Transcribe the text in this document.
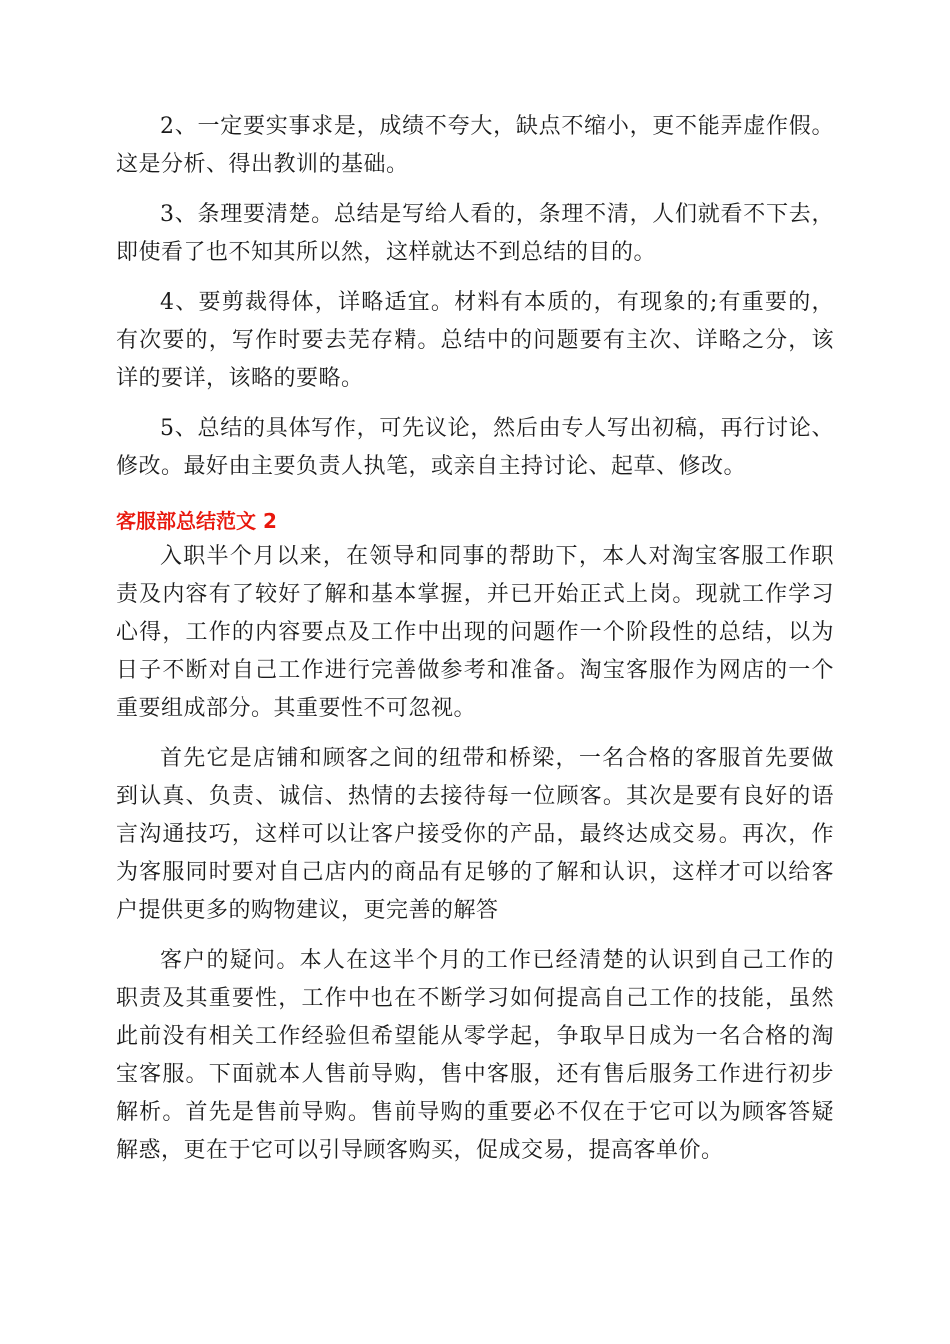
2、一定要实事求是，成绩不夸大，缺点不缩小，更不能弄虚作假。这是分析、得出教训的基础。

3、条理要清楚。总结是写给人看的，条理不清，人们就看不下去，即使看了也不知其所以然，这样就达不到总结的目的。

4、要剪裁得体，详略适宜。材料有本质的，有现象的;有重要的，有次要的，写作时要去芜存精。总结中的问题要有主次、详略之分，该详的要详，该略的要略。

5、总结的具体写作，可先议论，然后由专人写出初稿，再行讨论、修改。最好由主要负责人执笔，或亲自主持讨论、起草、修改。

客服部总结范文 2

入职半个月以来，在领导和同事的帮助下，本人对淘宝客服工作职责及内容有了较好了解和基本掌握，并已开始正式上岗。现就工作学习心得，工作的内容要点及工作中出现的问题作一个阶段性的总结，以为日子不断对自己工作进行完善做参考和准备。淘宝客服作为网店的一个重要组成部分。其重要性不可忽视。

首先它是店铺和顾客之间的纽带和桥梁，一名合格的客服首先要做到认真、负责、诚信、热情的去接待每一位顾客。其次是要有良好的语言沟通技巧，这样可以让客户接受你的产品，最终达成交易。再次，作为客服同时要对自己店内的商品有足够的了解和认识，这样才可以给客户提供更多的购物建议，更完善的解答

客户的疑问。本人在这半个月的工作已经清楚的认识到自己工作的职责及其重要性，工作中也在不断学习如何提高自己工作的技能，虽然此前没有相关工作经验但希望能从零学起，争取早日成为一名合格的淘宝客服。下面就本人售前导购，售中客服，还有售后服务工作进行初步解析。首先是售前导购。售前导购的重要必不仅在于它可以为顾客答疑解惑，更在于它可以引导顾客购买，促成交易，提高客单价。
